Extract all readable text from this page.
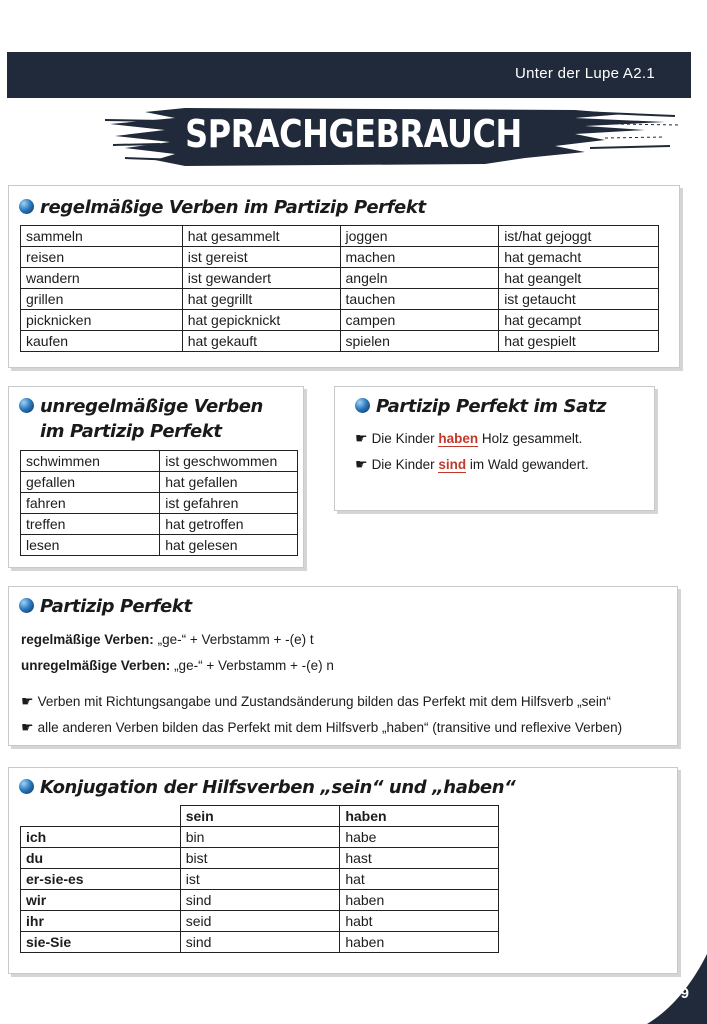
Unter der Lupe A2.1
SPRACHGEBRAUCH
regelmäßige Verben im Partizip Perfekt
sammeln	hat gesammelt	joggen	ist/hat gejoggt
reisen	ist gereist	machen	hat gemacht
wandern	ist gewandert	angeln	hat geangelt
grillen	hat gegrillt	tauchen	ist getaucht
picknicken	hat gepicknickt	campen	hat gecampt
kaufen	hat gekauft	spielen	hat gespielt
unregelmäßige Verben
im Partizip Perfekt
schwimmen	ist geschwommen
gefallen	hat gefallen
fahren	ist gefahren
treffen	hat getroffen
lesen	hat gelesen
Partizip Perfekt im Satz
☛ Die Kinder haben Holz gesammelt.
☛ Die Kinder sind im Wald gewandert.
Partizip Perfekt
regelmäßige Verben: „ge-“ + Verbstamm + -(e) t
unregelmäßige Verben: „ge-“ + Verbstamm + -(e) n
☛ Verben mit Richtungsangabe und Zustandsänderung bilden das Perfekt mit dem Hilfsverb „sein“
☛ alle anderen Verben bilden das Perfekt mit dem Hilfsverb „haben“ (transitive und reflexive Verben)
Konjugation der Hilfsverben „sein“ und „haben“
	sein	haben
ich	bin	habe
du	bist	hast
er-sie-es	ist	hat
wir	sind	haben
ihr	seid	habt
sie-Sie	sind	haben
9
